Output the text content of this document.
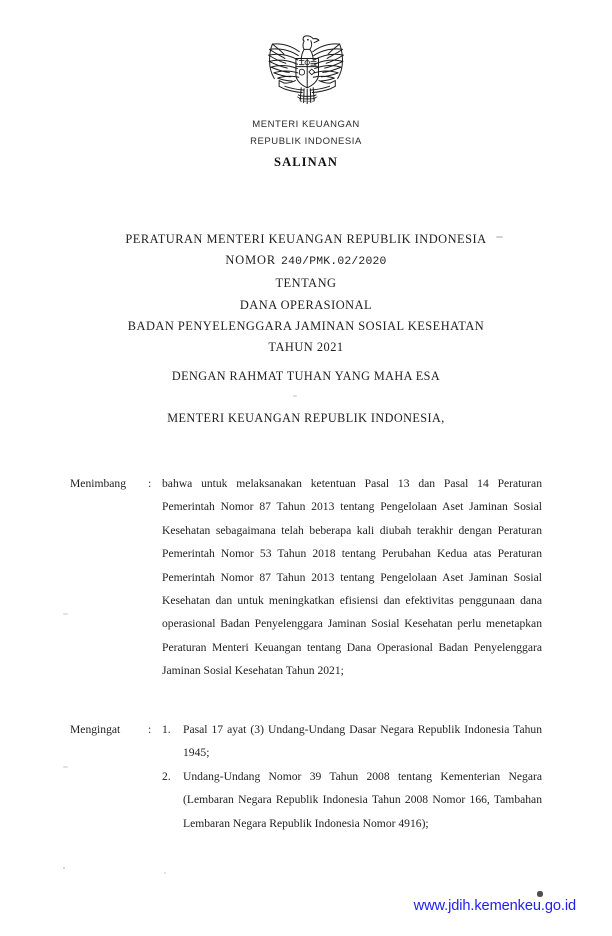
MENTERI KEUANGAN
REPUBLIK INDONESIA
SALINAN
PERATURAN MENTERI KEUANGAN REPUBLIK INDONESIA
NOMOR 240/PMK.02/2020
TENTANG
DANA OPERASIONAL
BADAN PENYELENGGARA JAMINAN SOSIAL KESEHATAN
TAHUN 2021
DENGAN RAHMAT TUHAN YANG MAHA ESA
MENTERI KEUANGAN REPUBLIK INDONESIA,
Menimbang	: bahwa untuk melaksanakan ketentuan Pasal 13 dan Pasal 14 Peraturan Pemerintah Nomor 87 Tahun 2013 tentang Pengelolaan Aset Jaminan Sosial Kesehatan sebagaimana telah beberapa kali diubah terakhir dengan Peraturan Pemerintah Nomor 53 Tahun 2018 tentang Perubahan Kedua atas Peraturan Pemerintah Nomor 87 Tahun 2013 tentang Pengelolaan Aset Jaminan Sosial Kesehatan dan untuk meningkatkan efisiensi dan efektivitas penggunaan dana operasional Badan Penyelenggara Jaminan Sosial Kesehatan perlu menetapkan Peraturan Menteri Keuangan tentang Dana Operasional Badan Penyelenggara Jaminan Sosial Kesehatan Tahun 2021;

Mengingat	: 1.	Pasal 17 ayat (3) Undang-Undang Dasar Negara Republik Indonesia Tahun 1945;
2.	Undang-Undang Nomor 39 Tahun 2008 tentang Kementerian Negara (Lembaran Negara Republik Indonesia Tahun 2008 Nomor 166, Tambahan Lembaran Negara Republik Indonesia Nomor 4916);
www.jdih.kemenkeu.go.id
